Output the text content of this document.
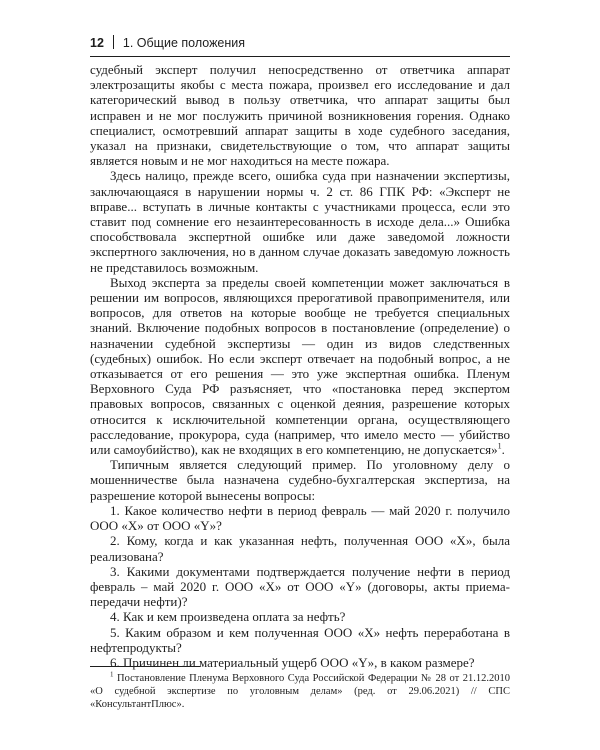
12 1. Общие положения

судебный эксперт получил непосредственно от ответчика аппарат электрозащиты якобы с места пожара, произвел его исследование и дал категорический вывод в пользу ответчика, что аппарат защиты был исправен и не мог послужить причиной возникновения горения. Однако специалист, осмотревший аппарат защиты в ходе судебного заседания, указал на признаки, свидетельствующие о том, что аппарат защиты является новым и не мог находиться на месте пожара.

Здесь налицо, прежде всего, ошибка суда при назначении экспертизы, заключающаяся в нарушении нормы ч. 2 ст. 86 ГПК РФ: «Эксперт не вправе... вступать в личные контакты с участниками процесса, если это ставит под сомнение его незаинтересованность в исходе дела...» Ошибка способствовала экспертной ошибке или даже заведомой ложности экспертного заключения, но в данном случае доказать заведомую ложность не представилось возможным.

Выход эксперта за пределы своей компетенции может заключаться в решении им вопросов, являющихся прерогативой правоприменителя, или вопросов, для ответов на которые вообще не требуется специальных знаний. Включение подобных вопросов в постановление (определение) о назначении судебной экспертизы — один из видов следственных (судебных) ошибок. Но если эксперт отвечает на подобный вопрос, а не отказывается от его решения — это уже экспертная ошибка. Пленум Верховного Суда РФ разъясняет, что «постановка перед экспертом правовых вопросов, связанных с оценкой деяния, разрешение которых относится к исключительной компетенции органа, осуществляющего расследование, прокурора, суда (например, что имело место — убийство или самоубийство), как не входящих в его компетенцию, не допускается»$^1$.

Типичным является следующий пример. По уголовному делу о мошенничестве была назначена судебно-бухгалтерская экспертиза, на разрешение которой вынесены вопросы:

1. Какое количество нефти в период февраль — май 2020 г. получило ООО «Х» от ООО «Y»?
2. Кому, когда и как указанная нефть, полученная ООО «Х», была реализована?
3. Какими документами подтверждается получение нефти в период февраль – май 2020 г. ООО «Х» от ООО «Y» (договоры, акты приема-передачи нефти)?
4. Как и кем произведена оплата за нефть?
5. Каким образом и кем полученная ООО «Х» нефть переработана в нефтепродукты?
6. Причинен ли материальный ущерб ООО «Y», в каком размере?
$^1$ Постановление Пленума Верховного Суда Российской Федерации № 28 от 21.12.2010 «О судебной экспертизе по уголовным делам» (ред. от 29.06.2021) // СПС «КонсультантПлюс».
